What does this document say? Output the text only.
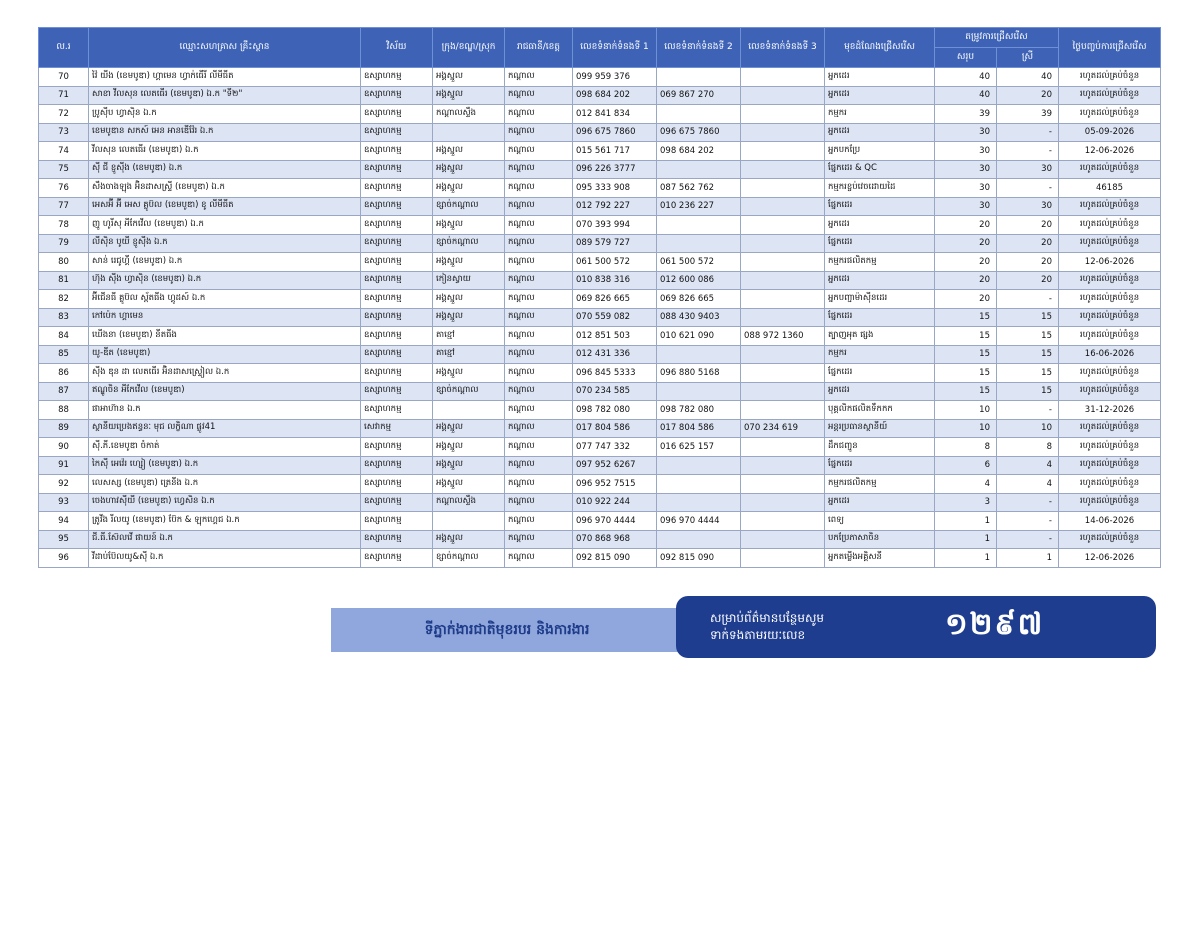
ល.រ	ឈ្មោះសហគ្រាស គ្រឹះស្ថាន	វិស័យ	ក្រុង/ខណ្ឌ/ស្រុក	រាជធានី/ខេត្ត	លេខទំនាក់ទំនងទី 1	លេខទំនាក់ទំនងទី 2	លេខទំនាក់ទំនងទី 3	មុខដំណែងជ្រើសរើស	តម្រូវការជ្រើសរើស		ថ្ងៃបញ្ចប់ការជ្រើសរើស
									សរុប	ស្រី	
70	វ៉ៃ យីង (ខេមបូឌា) ហ្គាមេន ហ្វាក់ធើរី លីមីធីត	ឧស្សាហកម្ម	អង្គស្នួល	កណ្ដាល	099 959 376			អ្នកដេរ	40	40	រហូតដល់គ្រប់ចំនួន
71	សាខា វីលសុន លេតធើរ (ខេមបូឌា) ឯ.ក "ទី២"	ឧស្សាហកម្ម	អង្គស្នួល	កណ្ដាល	098 684 202	069 867 270		អ្នកដេរ	40	20	រហូតដល់គ្រប់ចំនួន
72	ប្រូស៊ីប ហ្វាស៊ិន ឯ.ក	ឧស្សាហកម្ម	កណ្ដាលស្ទឹង	កណ្ដាល	012 841 834			កម្មករ	39	39	រហូតដល់គ្រប់ចំនួន
73	ខេមបូឌាន សកស៍ អេន អានឌើវ៉ែរ ឯ.ក	ឧស្សាហកម្ម		កណ្ដាល	096 675 7860	096 675 7860		អ្នកដេរ	30	-	05-09-2026
74	វីលសុន លេតធើរ (ខេមបូឌា) ឯ.ក	ឧស្សាហកម្ម	អង្គស្នួល	កណ្ដាល	015 561 717	098 684 202		អ្នកបកប្រែ	30	-	12-06-2026
75	ស៊ី ជី ខ្ញូស៊ីង (ខេមបូឌា) ឯ.ក	ឧស្សាហកម្ម	អង្គស្នួល	កណ្ដាល	096 226 3777			ផ្នែកដេរ & QC	30	30	រហូតដល់គ្រប់ចំនួន
76	សឹងចាងឡុង អ៊ិនដាសស្ទ្រី (ខេមបូឌា) ឯ.ក	ឧស្សាហកម្ម	អង្គស្នួល	កណ្ដាល	095 333 908	087 562 762		កម្មករខ្ចប់វេចដោយដៃ	30	-	46185
77	អេសអ៊ី អ៊ី អេស គ្លូប៊ល (ខេមបូឌា) ខូ លីមីធីត	ឧស្សាហកម្ម	ខ្សាច់កណ្ដាល	កណ្ដាល	012 792 227	010 236 227		ផ្នែកដេរ	30	30	រហូតដល់គ្រប់ចំនួន
78	ញូ ហូរីសុ អីកែវើល (ខេមបូឌា) ឯ.ក	ឧស្សាហកម្ម	អង្គស្នួល	កណ្ដាល	070 393 994			អ្នកដេរ	20	20	រហូតដល់គ្រប់ចំនួន
79	លីស៊ិន បូយី ខ្ញូស៊ីង ឯ.ក	ឧស្សាហកម្ម	ខ្សាច់កណ្ដាល	កណ្ដាល	089 579 727			ផ្នែកដេរ	20	20	រហូតដល់គ្រប់ចំនួន
80	សាន់ រេជូហ្គី (ខេមបូឌា) ឯ.ក	ឧស្សាហកម្ម	អង្គស្នួល	កណ្ដាល	061 500 572	061 500 572		កម្មករផលិតកម្ម	20	20	12-06-2026
81	ហ៊ុង ស៊ីង ហ្វាស៊ិន (ខេមបូឌា) ឯ.ក	ឧស្សាហកម្ម	កៀនស្វាយ	កណ្ដាល	010 838 316	012 600 086		អ្នកដេរ	20	20	រហូតដល់គ្រប់ចំនួន
82	អ៊ីជើនធី គ្លូប៊ល ស្ព័តធីង ហ្គូដស៍ ឯ.ក	ឧស្សាហកម្ម	អង្គស្នួល	កណ្ដាល	069 826 665	069 826 665		អ្នកបញ្ជាម៉ាស៊ីនដេរ	20	-	រហូតដល់គ្រប់ចំនួន
83	កៅប៉េក ហ្គាមេន	ឧស្សាហកម្ម	អង្គស្នួល	កណ្ដាល	070 559 082	088 430 9403		ផ្នែកដេរ	15	15	រហូតដល់គ្រប់ចំនួន
84	ឃើងនា (ខេមបូឌា) នីតធីង	ឧស្សាហកម្ម	តាខ្មៅ	កណ្ដាល	012 851 503	010 621 090	088 972 1360	ត្បាញអុត ផ្សង	15	15	រហូតដល់គ្រប់ចំនួន
85	យូ-ឌីត (ខេមបូឌា)	ឧស្សាហកម្ម	តាខ្មៅ	កណ្ដាល	012 431 336			កម្មករ	15	15	16-06-2026
86	ស៊ីង ឌុន ដា លេតធើរ អ៊ិនដាសស្ទ្រៀល ឯ.ក	ឧស្សាហកម្ម	អង្គស្នួល	កណ្ដាល	096 845 5333	096 880 5168		ផ្នែកដេរ	15	15	រហូតដល់គ្រប់ចំនួន
87	ឥណ្ឌូចិន អីកែវើល (ខេមបូឌា)	ឧស្សាហកម្ម	ខ្សាច់កណ្ដាល	កណ្ដាល	070 234 585			អ្នកដេរ	15	15	រហូតដល់គ្រប់ចំនួន
88	ផាអាហ៊ាន ឯ.ក	ឧស្សាហកម្ម		កណ្ដាល	098 782 080	098 782 080		បុគ្គលិកផលិតទឹកកក	10	-	31-12-2026
89	ស្ថានីយប្រេងឥន្ធនៈ មុជ លក្ខិណា ផ្លូវ41	សេវាកម្ម	អង្គស្នួល	កណ្ដាល	017 804 586	017 804 586	070 234 619	អន្តរប្រធានស្ថានីយ៍	10	10	រហូតដល់គ្រប់ចំនួន
90	ស៊ី.ភី.ខេមបូឌា ចំកាត់	ឧស្សាហកម្ម	អង្គស្នួល	កណ្ដាល	077 747 332	016 625 157		ដឹកជញ្ជូន	8	8	រហូតដល់គ្រប់ចំនួន
91	កៃស៊ី អេវ៉េរ ហ្សៀ (ខេមបូឌា) ឯ.ក	ឧស្សាហកម្ម	អង្គស្នួល	កណ្ដាល	097 952 6267			ផ្នែកដេរ	6	4	រហូតដល់គ្រប់ចំនួន
92	លេសស្ស (ខេមបូឌា) ត្រេនីង ឯ.ក	ឧស្សាហកម្ម	អង្គស្នួល	កណ្ដាល	096 952 7515			កម្មករផលិតកម្ម	4	4	រហូតដល់គ្រប់ចំនួន
93	ចេងហាវស៊ីយី (ខេមបូឌា) ហ្វេសិន ឯ.ក	ឧស្សាហកម្ម	កណ្ដាលស្ទឹង	កណ្ដាល	010 922 244			អ្នកដេរ	3	-	រហូតដល់គ្រប់ចំនួន
94	ត្រូវីង រីលយូ (ខេមបូឌា) ប៊ែក & ឡុកហ្គេជ ឯ.ក	ឧស្សាហកម្ម		កណ្ដាល	096 970 4444	096 970 4444		ពេទ្យ	1	-	14-06-2026
95	ជី.ធី.ស៊ែលវើ ផាយន៍ ឯ.ក	ឧស្សាហកម្ម	អង្គស្នួល	កណ្ដាល	070 868 968			បកប្រែភាសាចិន	1	-	រហូតដល់គ្រប់ចំនួន
96	វីដាប់ប៊ែលយូ&ស៊ី ឯ.ក	ឧស្សាហកម្ម	ខ្សាច់កណ្ដាល	កណ្ដាល	092 815 090	092 815 090		អ្នកតម្លើងអគ្គិសនី	1	1	12-06-2026
ទីភ្នាក់ងារជាតិមុខរបរ និងការងារ
សម្រាប់ព័ត៌មានបន្ថែមសូម
ទាក់ទងតាមរយៈលេខ	១២៩៧
